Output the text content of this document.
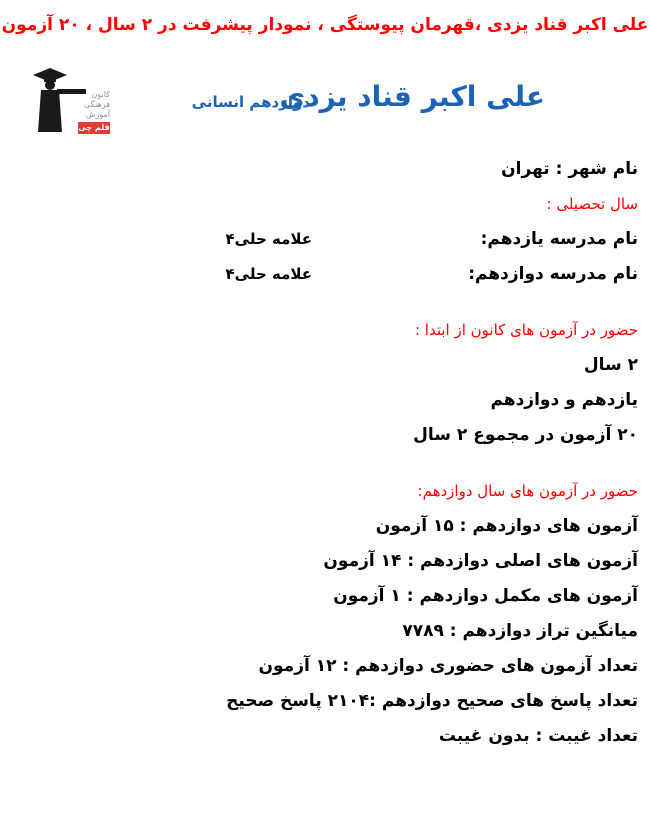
علی اکبر قناد یزدی ،قهرمان پیوستگی ، نمودار پیشرفت در ۲ سال ، ۲۰ آزمون
کانون
فرهنگی
آموزش
قلم چی
علی اکبر قناد یزدی
دوازدهم انسانی
نام شهر : تهران
سال تحصیلی :
نام مدرسه یازدهم:
علامه حلی۴
نام مدرسه دوازدهم:
علامه حلی۴
حضور در آزمون های کانون از ابتدا :
۲ سال
یازدهم و دوازدهم
۲۰ آزمون در مجموع ۲ سال
حضور در آزمون های سال دوازدهم:
آزمون های دوازدهم : ۱۵ آزمون
آزمون های اصلی دوازدهم : ۱۴ آزمون
آزمون های مکمل دوازدهم : ۱ آزمون
میانگین تراز دوازدهم : ۷۷۸۹
تعداد آزمون های حضوری دوازدهم : ۱۲ آزمون
تعداد پاسخ های صحیح دوازدهم :۲۱۰۴ پاسخ صحیح
تعداد غیبت : بدون غیبت
